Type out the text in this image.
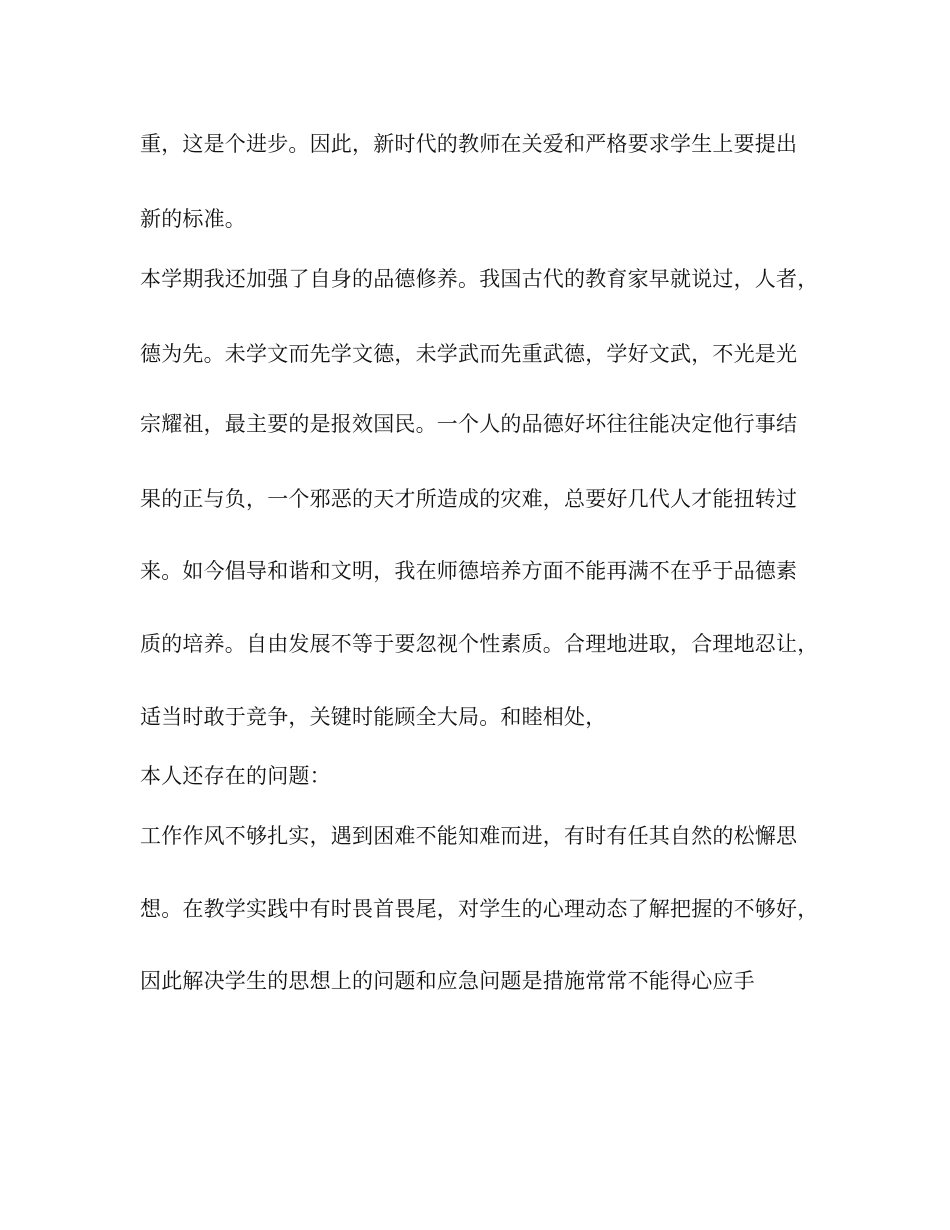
重，这是个进步。因此，新时代的教师在关爱和严格要求学生上要提出
新的标准。
本学期我还加强了自身的品德修养。我国古代的教育家早就说过，人者，
德为先。未学文而先学文德，未学武而先重武德，学好文武，不光是光
宗耀祖，最主要的是报效国民。一个人的品德好坏往往能决定他行事结
果的正与负，一个邪恶的天才所造成的灾难，总要好几代人才能扭转过
来。如今倡导和谐和文明，我在师德培养方面不能再满不在乎于品德素
质的培养。自由发展不等于要忽视个性素质。合理地进取，合理地忍让，
适当时敢于竞争，关键时能顾全大局。和睦相处，
本人还存在的问题：
工作作风不够扎实，遇到困难不能知难而进，有时有任其自然的松懈思
想。在教学实践中有时畏首畏尾，对学生的心理动态了解把握的不够好，
因此解决学生的思想上的问题和应急问题是措施常常不能得心应手
